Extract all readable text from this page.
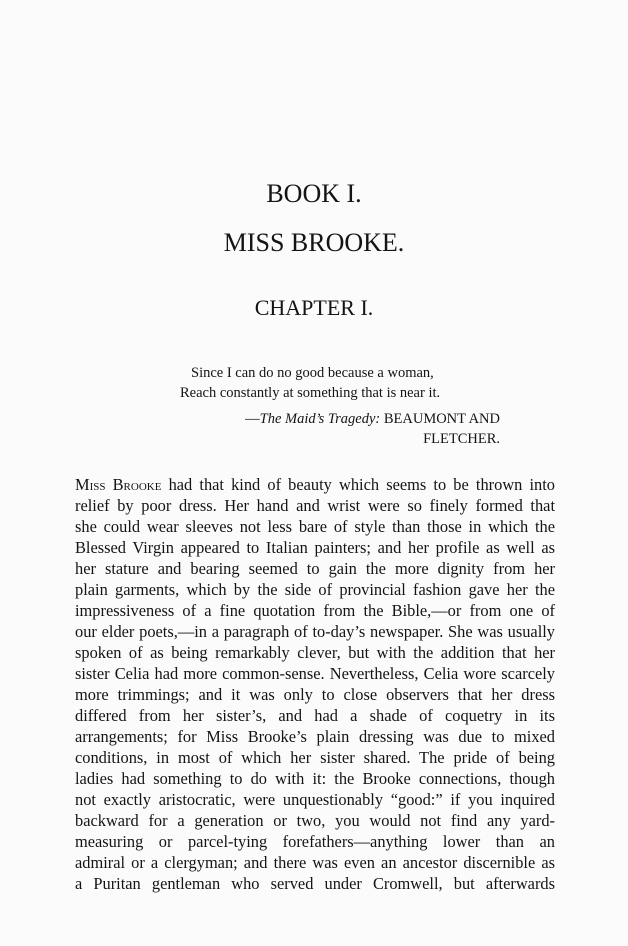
BOOK I.
MISS BROOKE.
CHAPTER I.
Since I can do no good because a woman,
Reach constantly at something that is near it.
—The Maid’s Tragedy: BEAUMONT AND
FLETCHER.
Miss Brooke had that kind of beauty which seems to be thrown into
relief by poor dress. Her hand and wrist were so finely formed that
she could wear sleeves not less bare of style than those in which the
Blessed Virgin appeared to Italian painters; and her profile as well as
her stature and bearing seemed to gain the more dignity from her
plain garments, which by the side of provincial fashion gave her the
impressiveness of a fine quotation from the Bible,—or from one of
our elder poets,—in a paragraph of to-day’s newspaper. She was usually
spoken of as being remarkably clever, but with the addition that her
sister Celia had more common-sense. Nevertheless, Celia wore scarcely
more trimmings; and it was only to close observers that her dress
differed from her sister’s, and had a shade of coquetry in its
arrangements; for Miss Brooke’s plain dressing was due to mixed
conditions, in most of which her sister shared. The pride of being
ladies had something to do with it: the Brooke connections, though
not exactly aristocratic, were unquestionably “good:” if you inquired
backward for a generation or two, you would not find any yard-
measuring or parcel-tying forefathers—anything lower than an
admiral or a clergyman; and there was even an ancestor discernible as
a Puritan gentleman who served under Cromwell, but afterwards
